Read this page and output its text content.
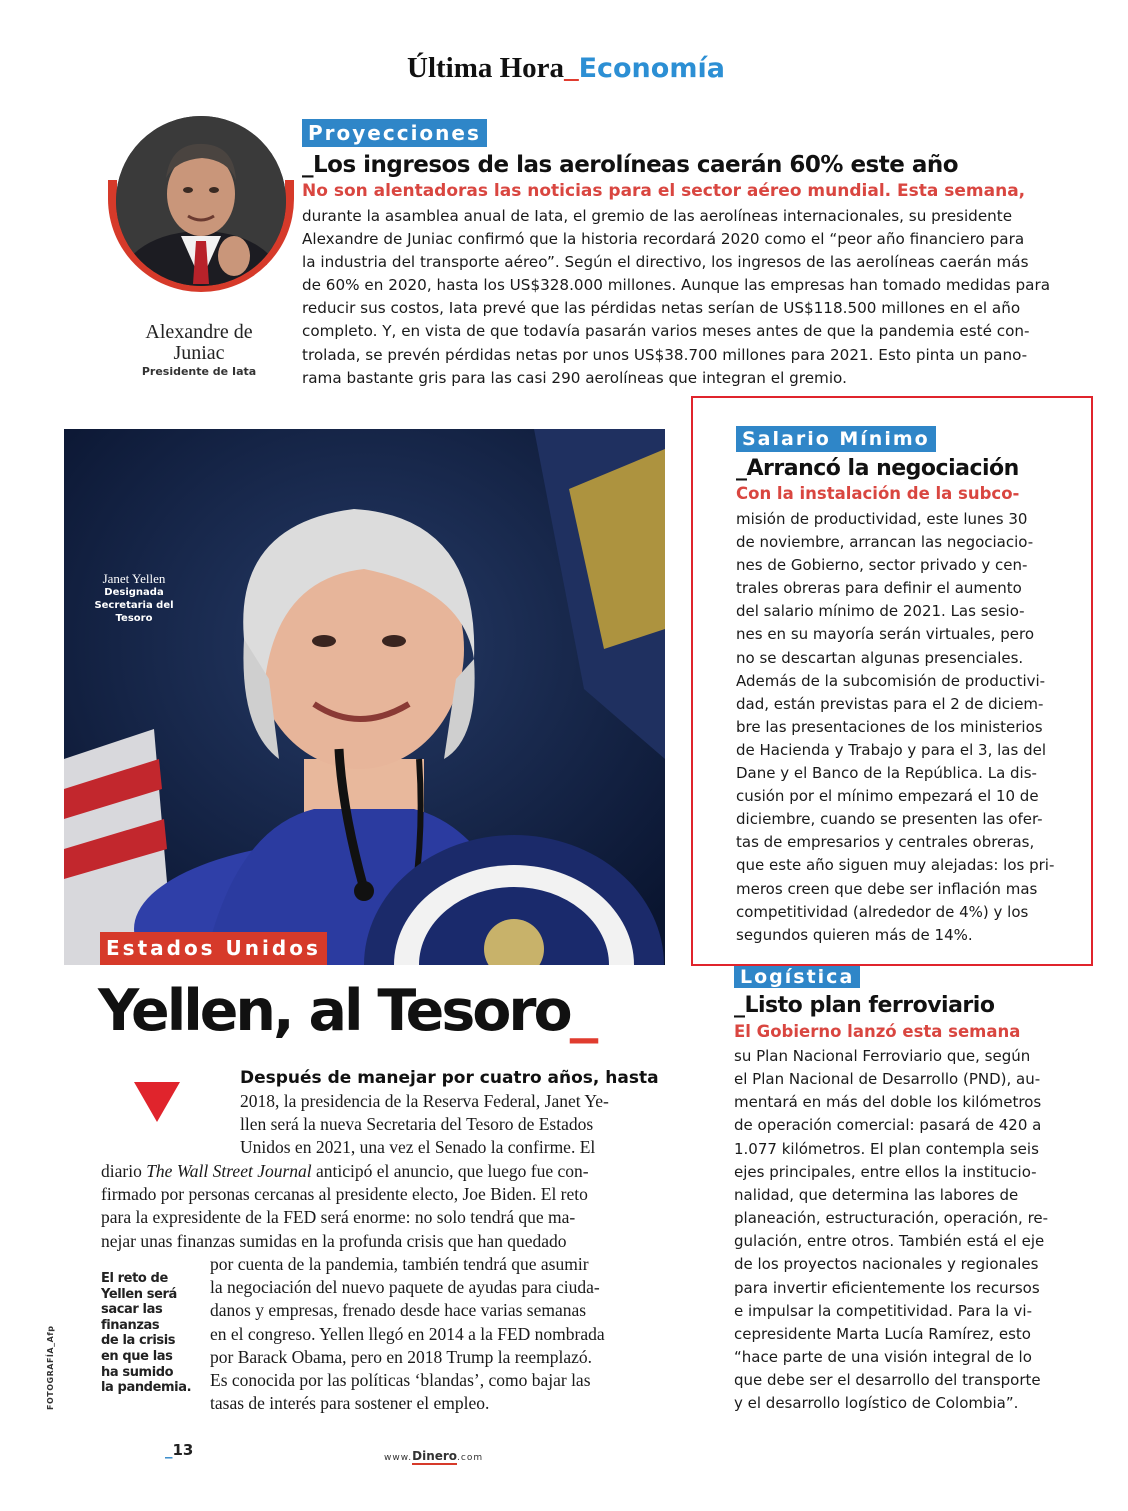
Última Hora_Economía
Alexandre de
Juniac
Presidente de Iata
Proyecciones
_Los ingresos de las aerolíneas caerán 60% este año
No son alentadoras las noticias para el sector aéreo mundial. Esta semana,
durante la asamblea anual de Iata, el gremio de las aerolíneas internacionales, su presidente
Alexandre de Juniac confirmó que la historia recordará 2020 como el “peor año financiero para
la industria del transporte aéreo”. Según el directivo, los ingresos de las aerolíneas caerán más
de 60% en 2020, hasta los US$328.000 millones. Aunque las empresas han tomado medidas para
reducir sus costos, Iata prevé que las pérdidas netas serían de US$118.500 millones en el año
completo. Y, en vista de que todavía pasarán varios meses antes de que la pandemia esté con-
trolada, se prevén pérdidas netas por unos US$38.700 millones para 2021. Esto pinta un pano-
rama bastante gris para las casi 290 aerolíneas que integran el gremio.
Janet Yellen
Designada
Secretaria del
Tesoro
Estados Unidos
Salario Mínimo
_Arrancó la negociación
Con la instalación de la subco-
misión de productividad, este lunes 30
de noviembre, arrancan las negociacio-
nes de Gobierno, sector privado y cen-
trales obreras para definir el aumento
del salario mínimo de 2021. Las sesio-
nes en su mayoría serán virtuales, pero
no se descartan algunas presenciales.
Además de la subcomisión de productivi-
dad, están previstas para el 2 de diciem-
bre las presentaciones de los ministerios
de Hacienda y Trabajo y para el 3, las del
Dane y el Banco de la República. La dis-
cusión por el mínimo empezará el 10 de
diciembre, cuando se presenten las ofer-
tas de empresarios y centrales obreras,
que este año siguen muy alejadas: los pri-
meros creen que debe ser inflación mas
competitividad (alrededor de 4%) y los
segundos quieren más de 14%.
Logística
_Listo plan ferroviario
El Gobierno lanzó esta semana
su Plan Nacional Ferroviario que, según
el Plan Nacional de Desarrollo (PND), au-
mentará en más del doble los kilómetros
de operación comercial: pasará de 420 a
1.077 kilómetros. El plan contempla seis
ejes principales, entre ellos la institucio-
nalidad, que determina las labores de
planeación, estructuración, operación, re-
gulación, entre otros. También está el eje
de los proyectos nacionales y regionales
para invertir eficientemente los recursos
e impulsar la competitividad. Para la vi-
cepresidente Marta Lucía Ramírez, esto
“hace parte de una visión integral de lo
que debe ser el desarrollo del transporte
y el desarrollo logístico de Colombia”.
Yellen, al Tesoro_
Después de manejar por cuatro años, hasta
2018, la presidencia de la Reserva Federal, Janet Ye-
llen será la nueva Secretaria del Tesoro de Estados
Unidos en 2021, una vez el Senado la confirme. El
diario The Wall Street Journal anticipó el anuncio, que luego fue con-
firmado por personas cercanas al presidente electo, Joe Biden. El reto
para la expresidente de la FED será enorme: no solo tendrá que ma-
nejar unas finanzas sumidas en la profunda crisis que han quedado
El reto de
Yellen será
sacar las
finanzas
de la crisis
en que las
ha sumido
la pandemia.
por cuenta de la pandemia, también tendrá que asumir
la negociación del nuevo paquete de ayudas para ciuda-
danos y empresas, frenado desde hace varias semanas
en el congreso. Yellen llegó en 2014 a la FED nombrada
por Barack Obama, pero en 2018 Trump la reemplazó.
Es conocida por las políticas ‘blandas’, como bajar las
tasas de interés para sostener el empleo.
FOTOGRAFÍA_Afp
_13	www.Dinero.com
